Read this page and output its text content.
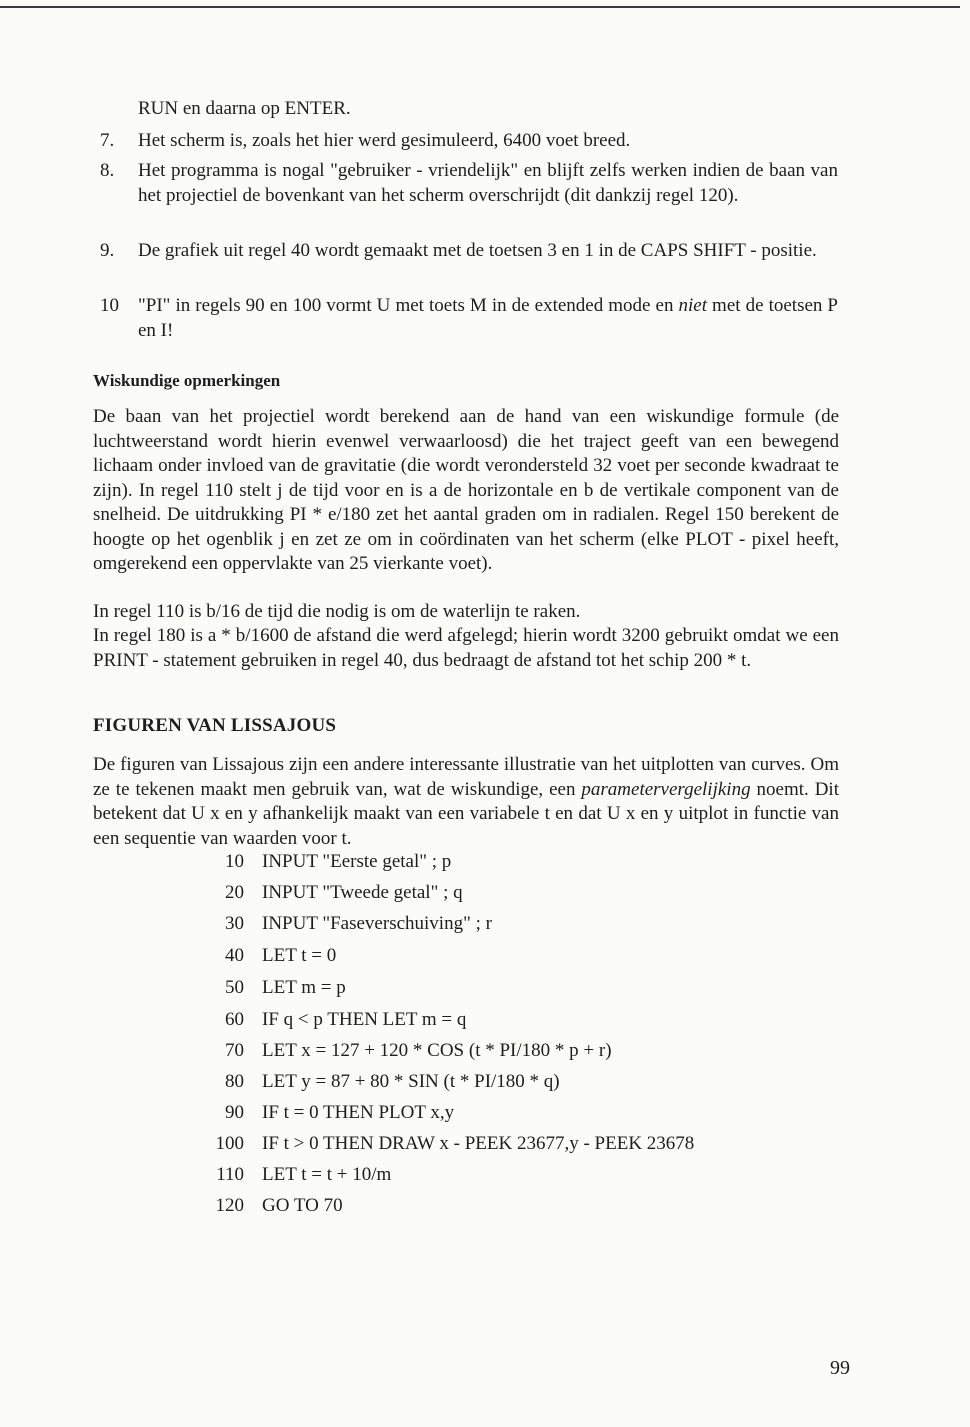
RUN en daarna op ENTER.
7.	Het scherm is, zoals het hier werd gesimuleerd, 6400 voet breed.
8.	Het programma is nogal "gebruiker - vriendelijk" en blijft zelfs werken indien de baan van het projectiel de bovenkant van het scherm overschrijdt (dit dankzij regel 120).
9.	De grafiek uit regel 40 wordt gemaakt met de toetsen 3 en 1 in de CAPS SHIFT - positie.
10	"PI" in regels 90 en 100 vormt U met toets M in de extended mode en niet met de toetsen P en I!
Wiskundige opmerkingen
De baan van het projectiel wordt berekend aan de hand van een wiskundige formule (de luchtweerstand wordt hierin evenwel verwaarloosd) die het traject geeft van een bewegend lichaam onder invloed van de gravitatie (die wordt verondersteld 32 voet per seconde kwadraat te zijn). In regel 110 stelt j de tijd voor en is a de horizontale en b de vertikale component van de snelheid. De uitdrukking PI * e/180 zet het aantal graden om in radialen. Regel 150 berekent de hoogte op het ogenblik j en zet ze om in coördinaten van het scherm (elke PLOT - pixel heeft, omgerekend een oppervlakte van 25 vierkante voet).
In regel 110 is b/16 de tijd die nodig is om de waterlijn te raken.
In regel 180 is a * b/1600 de afstand die werd afgelegd; hierin wordt 3200 gebruikt omdat we een PRINT - statement gebruiken in regel 40, dus bedraagt de afstand tot het schip 200 * t.
FIGUREN VAN LISSAJOUS
De figuren van Lissajous zijn een andere interessante illustratie van het uitplotten van curves. Om ze te tekenen maakt men gebruik van, wat de wiskundige, een parametervergelijking noemt. Dit betekent dat U x en y afhankelijk maakt van een variabele t en dat U x en y uitplot in functie van een sequentie van waarden voor t.
10 INPUT "Eerste getal" ; p
20 INPUT "Tweede getal" ; q
30 INPUT "Faseverschuiving" ; r
40 LET t = 0
50 LET m = p
60 IF q < p THEN LET m = q
70 LET x = 127 + 120 * COS (t * PI/180 * p + r)
80 LET y = 87 + 80 * SIN (t * PI/180 * q)
90 IF t = 0 THEN PLOT x,y
100 IF t > 0 THEN DRAW x - PEEK 23677,y - PEEK 23678
110 LET t = t + 10/m
120 GO TO 70
99
